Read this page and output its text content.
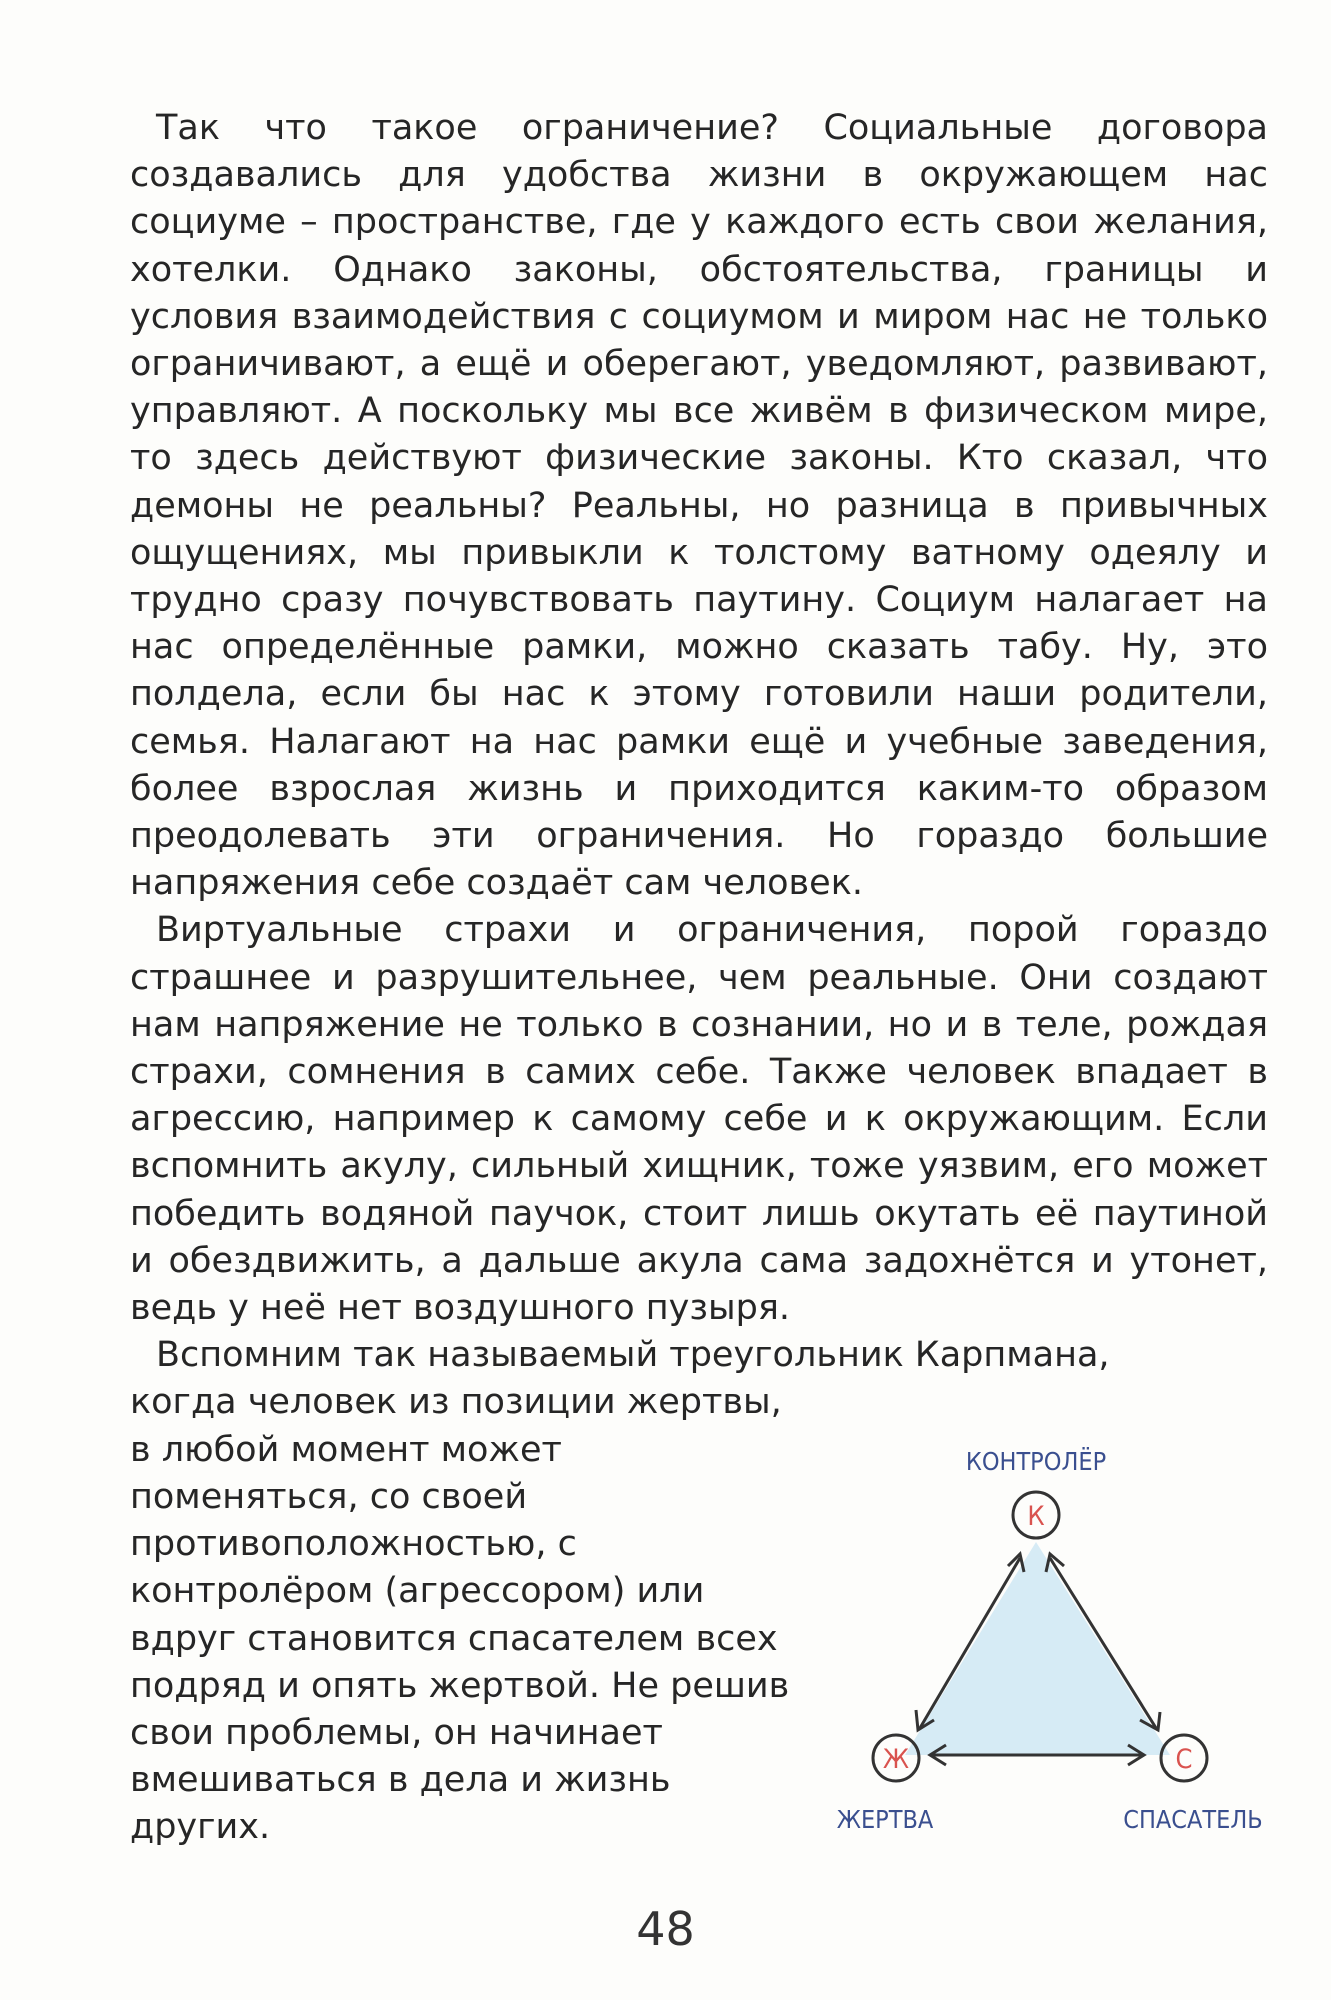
Так что такое ограничение? Социальные договора создавались для удобства жизни в окружающем нас социуме – пространстве, где у каждого есть свои желания, хотелки. Однако законы, обстоятельства, границы и условия взаимодействия с социумом и миром нас не только ограничивают, а ещё и оберегают, уведомляют, развивают, управляют. А поскольку мы все живём в физическом мире, то здесь действуют физические законы. Кто сказал, что демоны не реальны? Реальны, но разница в привычных ощущениях, мы привыкли к толстому ватному одеялу и трудно сразу почувствовать паутину. Социум налагает на нас определённые рамки, можно сказать табу. Ну, это полдела, если бы нас к этому готовили наши родители, семья. Налагают на нас рамки ещё и учебные заведения, более взрослая жизнь и приходится каким-то образом преодолевать эти ограничения. Но гораздо большие напряжения себе создаёт сам человек.

Виртуальные страхи и ограничения, порой гораздо страшнее и разрушительнее, чем реальные. Они создают нам напряжение не только в сознании, но и в теле, рождая страхи, сомнения в самих себе. Также человек впадает в агрессию, например к самому себе и к окружающим. Если вспомнить акулу, сильный хищник, тоже уязвим, его может победить водяной паучок, стоит лишь окутать её паутиной и обездвижить, а дальше акула сама задохнётся и утонет, ведь у неё нет воздушного пузыря.

Вспомним так называемый треугольник Карпмана,

когда человек из позиции жертвы, в любой момент может поменяться, со своей противоположностью, с контролёром (агрессором) или вдруг становится спасателем всех подряд и опять жертвой. Не решив свои проблемы, он начинает вмешиваться в дела и жизнь других.

КОНТРОЛЁР
К
Ж
ЖЕРТВА
С
СПАСАТЕЛЬ
48
